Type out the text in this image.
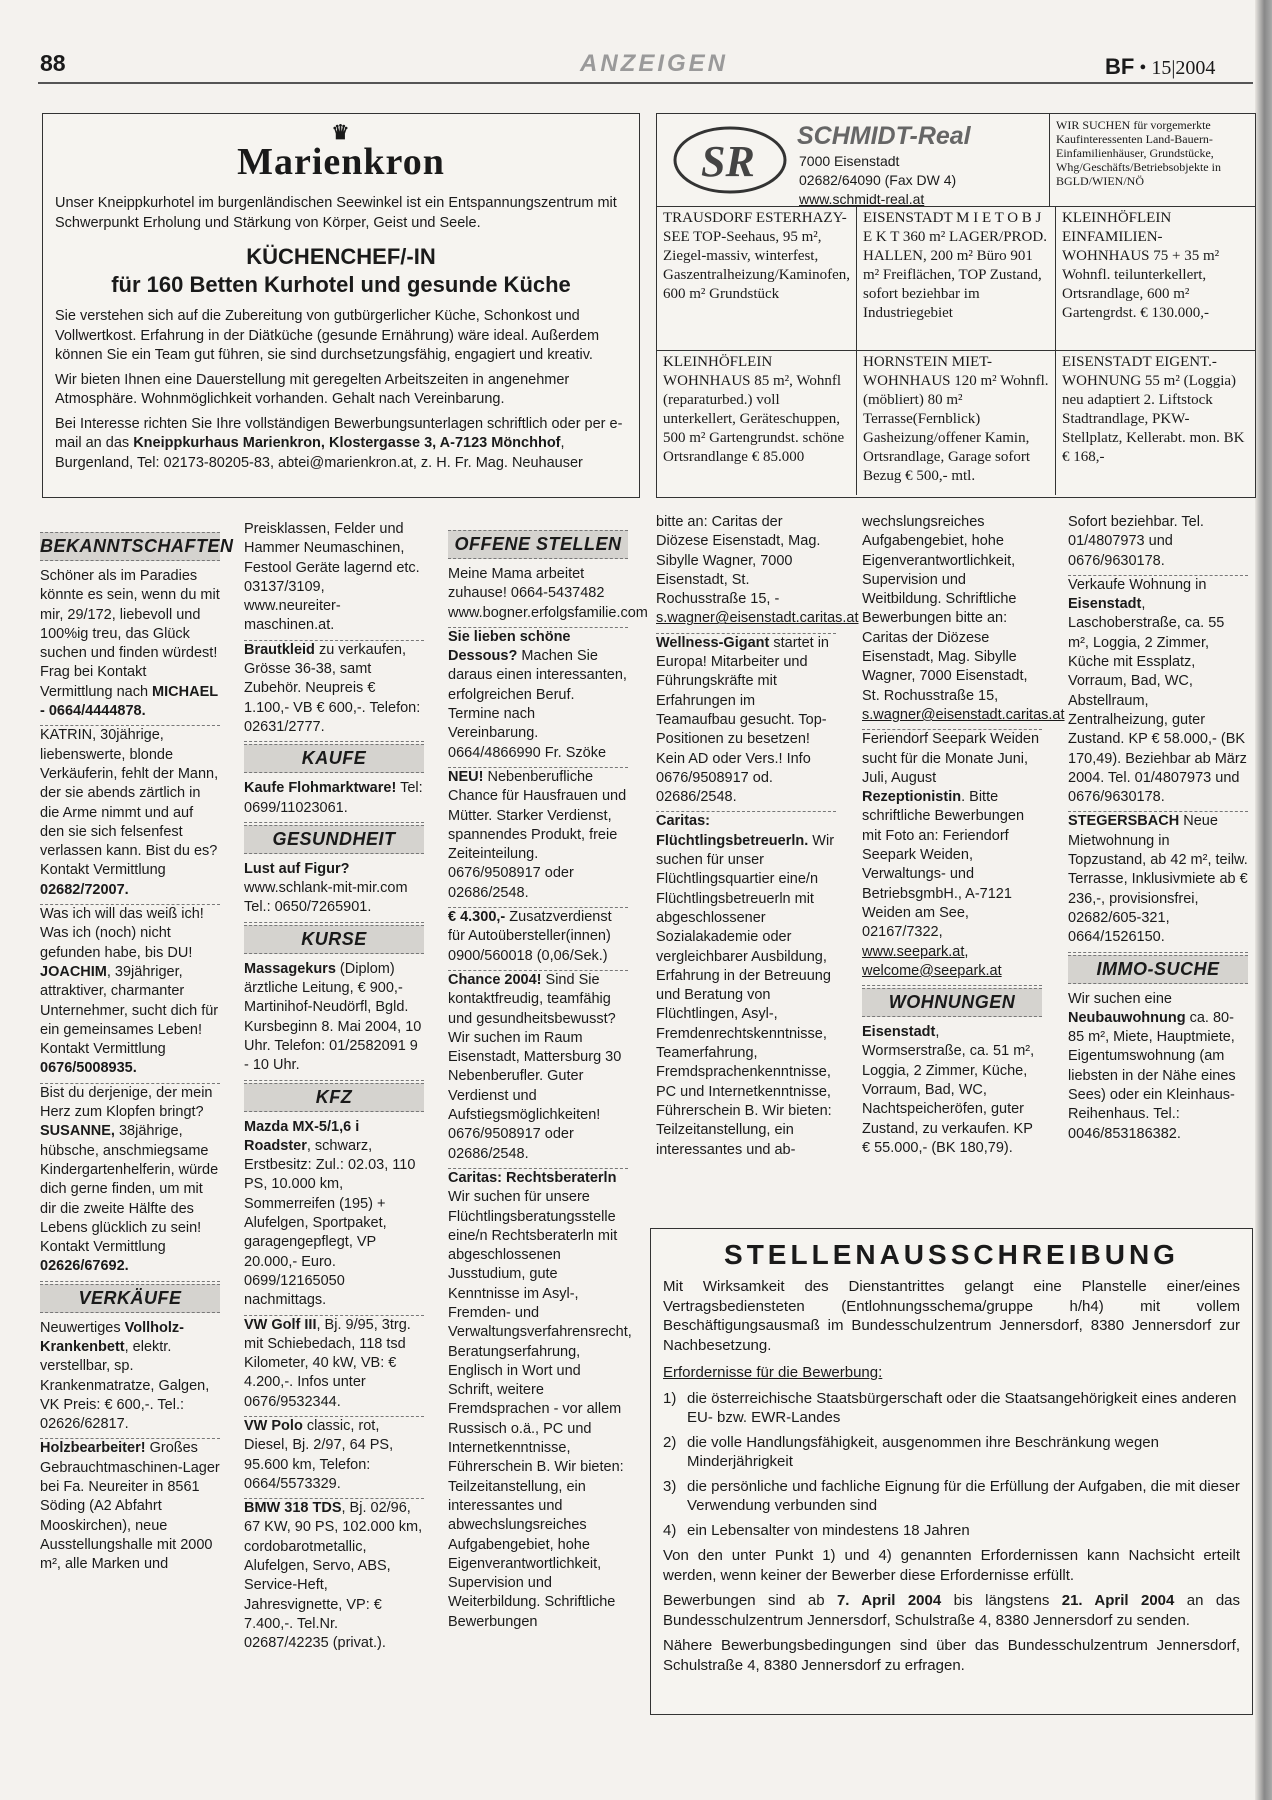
88	ANZEIGEN	BF • 15|2004
♛
Marienkron

Unser Kneippkurhotel im burgenländischen Seewinkel ist ein Entspannungszentrum mit Schwerpunkt Erholung und Stärkung von Körper, Geist und Seele.

KÜCHENCHEF/-IN
für 160 Betten Kurhotel und gesunde Küche

Sie verstehen sich auf die Zubereitung von gutbürgerlicher Küche, Schonkost und Vollwertkost. Erfahrung in der Diätküche (gesunde Ernährung) wäre ideal. Außerdem können Sie ein Team gut führen, sie sind durchsetzungsfähig, engagiert und kreativ.

Wir bieten Ihnen eine Dauerstellung mit geregelten Arbeitszeiten in angenehmer Atmosphäre. Wohnmöglichkeit vorhanden. Gehalt nach Vereinbarung.

Bei Interesse richten Sie Ihre vollständigen Bewerbungsunterlagen schriftlich oder per e-mail an das Kneippkurhaus Marienkron, Klostergasse 3, A-7123 Mönchhof, Burgenland, Tel: 02173-80205-83, abtei@marienkron.at, z. H. Fr. Mag. Neuhauser

SR
SCHMIDT-Real
7000 Eisenstadt
02682/64090 (Fax DW 4)
www.schmidt-real.at
WIR SUCHEN für vorgemerkte Kaufinteressenten Land-Bauern-Einfamilienhäuser, Grundstücke, Whg/Geschäfts/Betriebsobjekte in BGLD/WIEN/NÖ
TRAUSDORF ESTERHAZY-SEE TOP-Seehaus, 95 m², Ziegel-massiv, winterfest, Gaszentralheizung/Kaminofen, 600 m² Grundstück
EISENSTADT M I E T O B J E K T 360 m² LAGER/PROD. HALLEN, 200 m² Büro 901 m² Freiflächen, TOP Zustand, sofort beziehbar im Industriegebiet
KLEINHÖFLEIN EINFAMILIEN-WOHNHAUS 75 + 35 m² Wohnfl. teilunterkellert, Ortsrandlage, 600 m² Gartengrdst. € 130.000,-
KLEINHÖFLEIN WOHNHAUS 85 m², Wohnfl (reparaturbed.) voll unterkellert, Geräteschuppen, 500 m² Gartengrundst. schöne Ortsrandlange € 85.000
HORNSTEIN MIET-WOHNHAUS 120 m² Wohnfl. (möbliert) 80 m² Terrasse(Fernblick) Gasheizung/offener Kamin, Ortsrandlage, Garage sofort Bezug € 500,- mtl.
EISENSTADT EIGENT.-WOHNUNG 55 m² (Loggia) neu adaptiert 2. Liftstock Stadtrandlage, PKW-Stellplatz, Kellerabt. mon. BK € 168,-
BEKANNTSCHAFTEN

Schöner als im Paradies könnte es sein, wenn du mit mir, 29/172, liebevoll und 100%ig treu, das Glück suchen und finden würdest! Frag bei Kontakt Vermittlung nach MICHAEL - 0664/4444878.

KATRIN, 30jährige, liebenswerte, blonde Verkäuferin, fehlt der Mann, der sie abends zärtlich in die Arme nimmt und auf den sie sich felsenfest verlassen kann. Bist du es? Kontakt Vermittlung 02682/72007.

Was ich will das weiß ich! Was ich (noch) nicht gefunden habe, bis DU! JOACHIM, 39jähriger, attraktiver, charmanter Unternehmer, sucht dich für ein gemeinsames Leben! Kontakt Vermittlung 0676/5008935.

Bist du derjenige, der mein Herz zum Klopfen bringt? SUSANNE, 38jährige, hübsche, anschmiegsame Kindergartenhelferin, würde dich gerne finden, um mit dir die zweite Hälfte des Lebens glücklich zu sein! Kontakt Vermittlung 02626/67692.

VERKÄUFE

Neuwertiges Vollholz-Krankenbett, elektr. verstellbar, sp. Krankenmatratze, Galgen, VK Preis: € 600,-. Tel.: 02626/62817.

Holzbearbeiter! Großes Gebrauchtmaschinen-Lager bei Fa. Neureiter in 8561 Söding (A2 Abfahrt Mooskirchen), neue Ausstellungshalle mit 2000 m², alle Marken und

Preisklassen, Felder und Hammer Neumaschinen, Festool Geräte lagernd etc. 03137/3109, www.neureiter-maschinen.at.

Brautkleid zu verkaufen, Grösse 36-38, samt Zubehör. Neupreis € 1.100,- VB € 600,-. Telefon: 02631/2777.

KAUFE

Kaufe Flohmarktware! Tel: 0699/11023061.

GESUNDHEIT

Lust auf Figur? www.schlank-mit-mir.com Tel.: 0650/7265901.

KURSE

Massagekurs (Diplom) ärztliche Leitung, € 900,- Martinihof-Neudörfl, Bgld. Kursbeginn 8. Mai 2004, 10 Uhr. Telefon: 01/2582091 9 - 10 Uhr.

KFZ

Mazda MX-5/1,6 i Roadster, schwarz, Erstbesitz: Zul.: 02.03, 110 PS, 10.000 km, Sommerreifen (195) + Alufelgen, Sportpaket, garagengepflegt, VP 20.000,- Euro. 0699/12165050 nachmittags.

VW Golf III, Bj. 9/95, 3trg. mit Schiebedach, 118 tsd Kilometer, 40 kW, VB: € 4.200,-. Infos unter 0676/9532344.

VW Polo classic, rot, Diesel, Bj. 2/97, 64 PS, 95.600 km, Telefon: 0664/5573329.

BMW 318 TDS, Bj. 02/96, 67 KW, 90 PS, 102.000 km, cordobarotmetallic, Alufelgen, Servo, ABS, Service-Heft, Jahresvignette, VP: € 7.400,-. Tel.Nr. 02687/42235 (privat.).

OFFENE STELLEN

Meine Mama arbeitet zuhause! 0664-5437482 www.bogner.erfolgsfamilie.com

Sie lieben schöne Dessous? Machen Sie daraus einen interessanten, erfolgreichen Beruf. Termine nach Vereinbarung. 0664/4866990 Fr. Szöke

NEU! Nebenberufliche Chance für Hausfrauen und Mütter. Starker Verdienst, spannendes Produkt, freie Zeiteinteilung. 0676/9508917 oder 02686/2548.

€ 4.300,- Zusatzverdienst für Autoübersteller(innen) 0900/560018 (0,06/Sek.)

Chance 2004! Sind Sie kontaktfreudig, teamfähig und gesundheitsbewusst? Wir suchen im Raum Eisenstadt, Mattersburg 30 Nebenberufler. Guter Verdienst und Aufstiegsmöglichkeiten! 0676/9508917 oder 02686/2548.

Caritas: Rechtsberaterln Wir suchen für unsere Flüchtlingsberatungsstelle eine/n Rechtsberaterln mit abgeschlossenen Jusstudium, gute Kenntnisse im Asyl-, Fremden- und Verwaltungsverfahrensrecht, Beratungserfahrung, Englisch in Wort und Schrift, weitere Fremdsprachen - vor allem Russisch o.ä., PC und Internetkenntnisse, Führerschein B. Wir bieten: Teilzeitanstellung, ein interessantes und abwechslungsreiches Aufgabengebiet, hohe Eigenverantwortlichkeit, Supervision und Weiterbildung. Schriftliche Bewerbungen

bitte an: Caritas der Diözese Eisenstadt, Mag. Sibylle Wagner, 7000 Eisenstadt, St. Rochusstraße 15, - s.wagner@eisenstadt.caritas.at

Wellness-Gigant startet in Europa! Mitarbeiter und Führungskräfte mit Erfahrungen im Teamaufbau gesucht. Top-Positionen zu besetzen! Kein AD oder Vers.! Info 0676/9508917 od. 02686/2548.

Caritas: Flüchtlingsbetreuerln. Wir suchen für unser Flüchtlingsquartier eine/n Flüchtlingsbetreuerln mit abgeschlossener Sozialakademie oder vergleichbarer Ausbildung, Erfahrung in der Betreuung und Beratung von Flüchtlingen, Asyl-, Fremdenrechtskenntnisse, Teamerfahrung, Fremdsprachenkenntnisse, PC und Internetkenntnisse, Führerschein B. Wir bieten: Teilzeitanstellung, ein interessantes und ab-

wechslungsreiches Aufgabengebiet, hohe Eigenverantwortlichkeit, Supervision und Weitbildung. Schriftliche Bewerbungen bitte an: Caritas der Diözese Eisenstadt, Mag. Sibylle Wagner, 7000 Eisenstadt, St. Rochusstraße 15, s.wagner@eisenstadt.caritas.at

Feriendorf Seepark Weiden sucht für die Monate Juni, Juli, August Rezeptionistin. Bitte schriftliche Bewerbungen mit Foto an: Feriendorf Seepark Weiden, Verwaltungs- und BetriebsgmbH., A-7121 Weiden am See, 02167/7322, www.seepark.at, welcome@seepark.at

WOHNUNGEN

Eisenstadt, Wormserstraße, ca. 51 m², Loggia, 2 Zimmer, Küche, Vorraum, Bad, WC, Nachtspeicheröfen, guter Zustand, zu verkaufen. KP € 55.000,- (BK 180,79).

Sofort beziehbar. Tel. 01/4807973 und 0676/9630178.

Verkaufe Wohnung in Eisenstadt, Laschoberstraße, ca. 55 m², Loggia, 2 Zimmer, Küche mit Essplatz, Vorraum, Bad, WC, Abstellraum, Zentralheizung, guter Zustand. KP € 58.000,- (BK 170,49). Beziehbar ab März 2004. Tel. 01/4807973 und 0676/9630178.

STEGERSBACH Neue Mietwohnung in Topzustand, ab 42 m², teilw. Terrasse, Inklusivmiete ab € 236,-, provisionsfrei, 02682/605-321, 0664/1526150.

IMMO-SUCHE

Wir suchen eine Neubauwohnung ca. 80-85 m², Miete, Hauptmiete, Eigentumswohnung (am liebsten in der Nähe eines Sees) oder ein Kleinhaus-Reihenhaus. Tel.: 0046/853186382.

STELLENAUSSCHREIBUNG

Mit Wirksamkeit des Dienstantrittes gelangt eine Planstelle einer/eines Vertragsbediensteten (Entlohnungsschema/gruppe h/h4) mit vollem Beschäftigungsausmaß im Bundesschulzentrum Jennersdorf, 8380 Jennersdorf zur Nachbesetzung.

Erfordernisse für die Bewerbung:

1) die österreichische Staatsbürgerschaft oder die Staatsangehörigkeit eines anderen EU- bzw. EWR-Landes
2) die volle Handlungsfähigkeit, ausgenommen ihre Beschränkung wegen Minderjährigkeit
3) die persönliche und fachliche Eignung für die Erfüllung der Aufgaben, die mit dieser Verwendung verbunden sind
4) ein Lebensalter von mindestens 18 Jahren

Von den unter Punkt 1) und 4) genannten Erfordernissen kann Nachsicht erteilt werden, wenn keiner der Bewerber diese Erfordernisse erfüllt.

Bewerbungen sind ab 7. April 2004 bis längstens 21. April 2004 an das Bundesschulzentrum Jennersdorf, Schulstraße 4, 8380 Jennersdorf zu senden.

Nähere Bewerbungsbedingungen sind über das Bundesschulzentrum Jennersdorf, Schulstraße 4, 8380 Jennersdorf zu erfragen.
